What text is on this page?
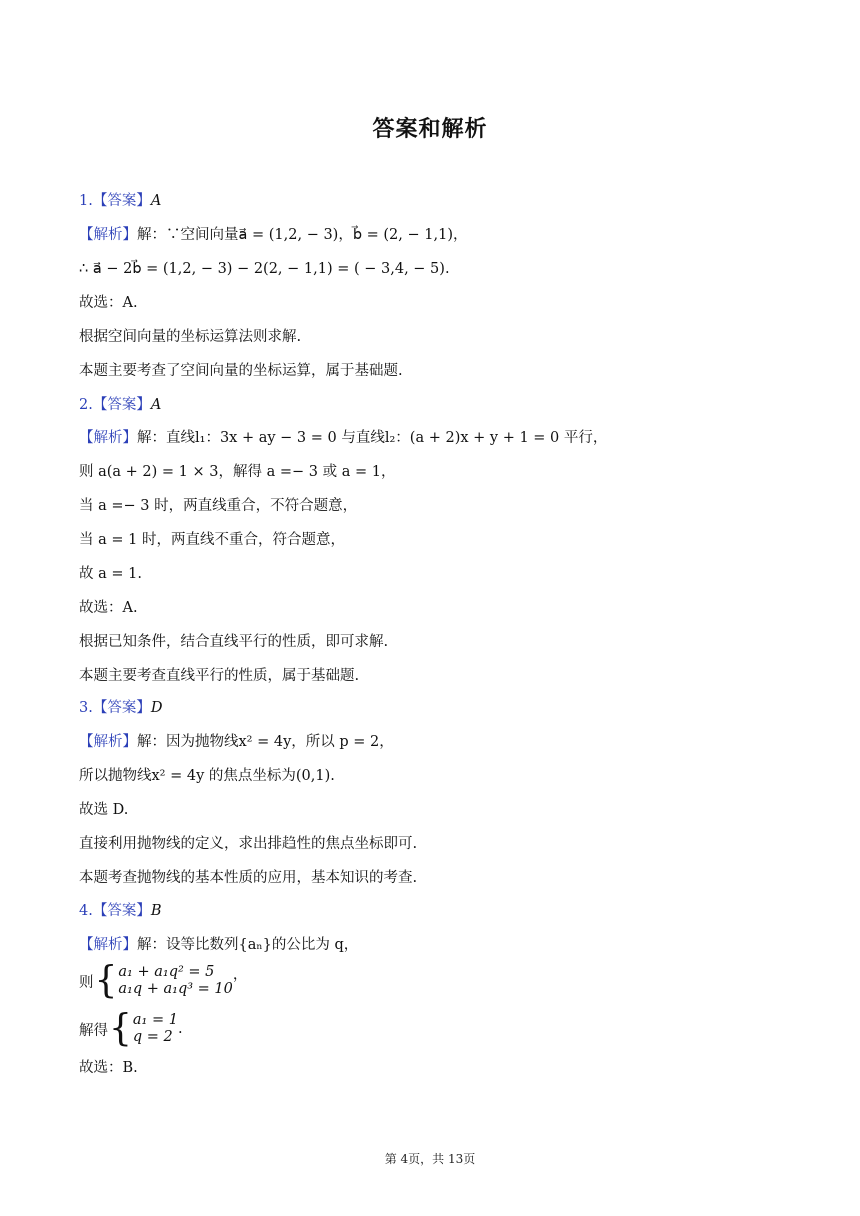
答案和解析
1.【答案】A
【解析】解：∵空间向量a⃗ = (1,2, − 3)，b⃗ = (2, − 1,1)，
∴ a⃗ − 2b⃗ = (1,2, − 3) − 2(2, − 1,1) = ( − 3,4, − 5).
故选：A.
根据空间向量的坐标运算法则求解.
本题主要考查了空间向量的坐标运算，属于基础题.
2.【答案】A
【解析】解：直线l₁：3x + ay − 3 = 0 与直线l₂：(a + 2)x + y + 1 = 0 平行，
则 a(a + 2) = 1 × 3，解得 a =− 3 或 a = 1，
当 a =− 3 时，两直线重合，不符合题意，
当 a = 1 时，两直线不重合，符合题意，
故 a = 1.
故选：A.
根据已知条件，结合直线平行的性质，即可求解.
本题主要考查直线平行的性质，属于基础题.
3.【答案】D
【解析】解：因为抛物线x² = 4y，所以 p = 2，
所以抛物线x² = 4y 的焦点坐标为(0,1).
故选 D.
直接利用抛物线的定义，求出排趋性的焦点坐标即可.
本题考查抛物线的基本性质的应用，基本知识的考查.
4.【答案】B
【解析】解：设等比数列{aₙ}的公比为 q，
则 { a₁ + a₁q² = 5
a₁q + a₁q³ = 10
，
解得 { a₁ = 1
q = 2 .
故选：B.
第 4页，共 13页
